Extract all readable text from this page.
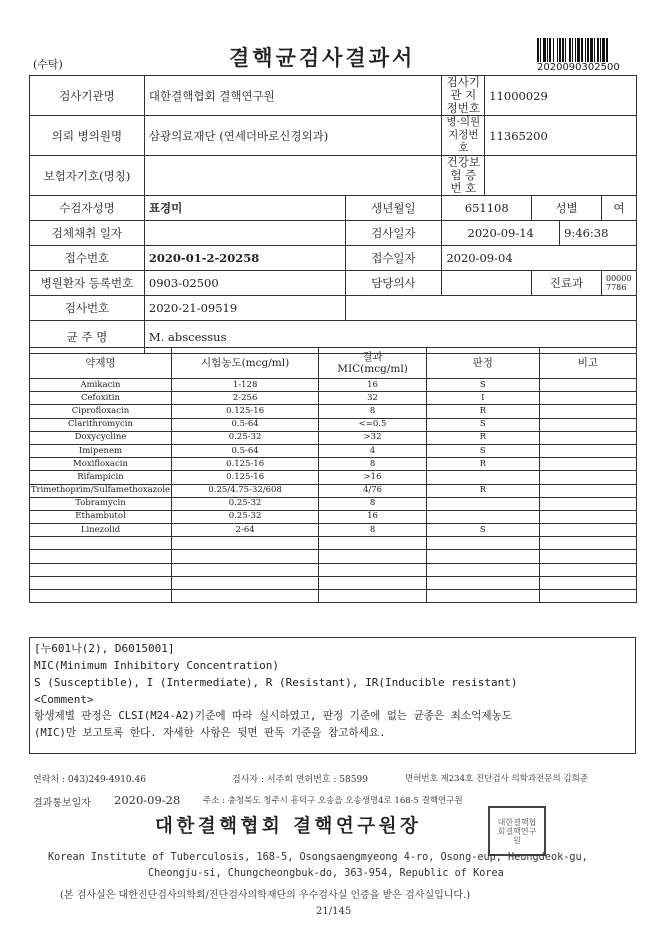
(수탁)	결핵균검사결과서	2020090302500
검사기관명	대한결핵협회 결핵연구원		검사기관 지정번호	11000029			
의뢰 병의원명	삼광의료재단 (연세더바로신경외과)		병·의원 지정번호	11365200			
보험자기호(명칭)			건강보험 증 번 호				
수검자성명	표경미	생년월일	651108		성별		여
검체채취 일자		검사일자	2020-09-14			9:46:38	
접수번호	2020-01-2-20258	접수일자	2020-09-04				
병원환자 등록번호	0903-02500	담당의사			진료과		000007786
검사번호	2020-21-09519						
균 주 명	M. abscessus						
약제명	시험농도(mcg/ml)	결과 MIC(mcg/ml)	판정	비고
Amikacin	1-128	16	S	
Cefoxitin	2-256	32	I	
Ciprofloxacin	0.125-16	8	R	
Clarithromycin	0.5-64	<=0.5	S	
Doxycycline	0.25-32	>32	R	
Imipenem	0.5-64	4	S	
Moxifloxacin	0.125-16	8	R	
Rifampicin	0.125-16	>16		
Trimethoprim/Sulfamethoxazole	0.25/4.75-32/608	4/76	R	
Tobramycin	0.25-32	8		
Ethambutol	0.25-32	16		
Linezolid	2-64	8	S	

[누601나(2), D6015001]
MIC(Minimum Inhibitory Concentration)
S (Susceptible), I (Intermediate), R (Resistant), IR(Inducible resistant)
<Comment>
항생제별 판정은 CLSI(M24-A2)기준에 따라 실시하였고, 판정 기준에 없는 균종은 최소억제농도
(MIC)만 보고토록 한다. 자세한 사항은 뒷면 판독 기준을 참고하세요.
연락처 : 043)249-4910.46	검사자 : 서주희 면허번호 : 58599	면허번호 제234호 진단검사 의학과전문의 김희준
결과통보일자 2020-09-28	주소 : 충청북도 청주시 흥덕구 오송읍 오송생명4로 168-5 결핵연구원
대한결핵협회 결핵연구원장	대한결핵협회결핵연구원
Korean Institute of Tuberculosis, 168-5, Osongsaengmyeong 4-ro, Osong-eup, Heungdeok-gu,
Cheongju-si, Chungcheongbuk-do, 363-954, Republic of Korea
(본 검사실은 대한진단검사의학회/진단검사의학재단의 우수검사실 인증을 받은 검사실입니다.)
21/145
